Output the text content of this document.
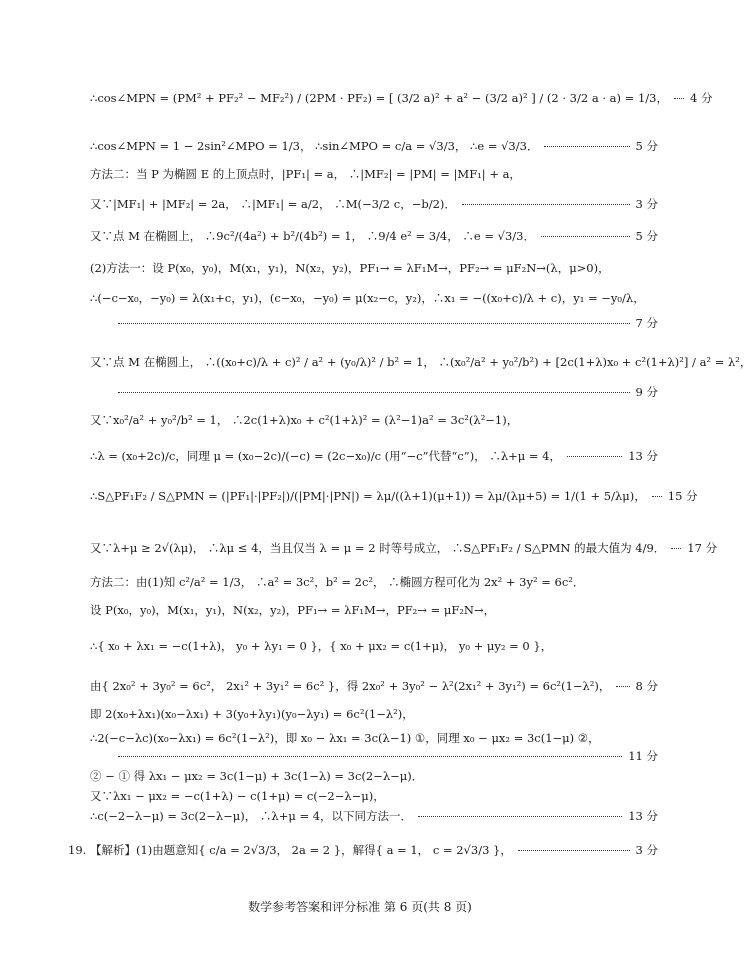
∴cos∠MPN = (PM² + PF₂² − MF₂²) / (2PM · PF₂) = [ (3/2 a)² + a² − (3/2 a)² ] / (2 · 3/2 a · a) = 1/3， 4 分
∴cos∠MPN = 1 − 2sin²∠MPO = 1/3， ∴sin∠MPO = c/a = √3/3， ∴e = √3/3．	5 分
方法二：当 P 为椭圆 E 的上顶点时，|PF₁| = a， ∴|MF₂| = |PM| = |MF₁| + a，
又∵|MF₁| + |MF₂| = 2a， ∴|MF₁| = a/2， ∴M(−3/2 c，−b/2)．	3 分
又∵点 M 在椭圆上， ∴9c²/(4a²) + b²/(4b²) = 1， ∴9/4 e² = 3/4， ∴e = √3/3．	5 分
(2)方法一：设 P(x₀，y₀)，M(x₁，y₁)，N(x₂，y₂)，PF₁→ = λF₁M→，PF₂→ = μF₂N→(λ，μ>0)，
∴(−c−x₀，−y₀) = λ(x₁+c，y₁)，(c−x₀，−y₀) = μ(x₂−c，y₂)，∴x₁ = −((x₀+c)/λ + c)，y₁ = −y₀/λ，
7 分
又∵点 M 在椭圆上， ∴((x₀+c)/λ + c)² / a² + (y₀/λ)² / b² = 1， ∴(x₀²/a² + y₀²/b²) + [2c(1+λ)x₀ + c²(1+λ)²] / a² = λ²，
9 分
又∵x₀²/a² + y₀²/b² = 1， ∴2c(1+λ)x₀ + c²(1+λ)² = (λ²−1)a² = 3c²(λ²−1)，
∴λ = (x₀+2c)/c，同理 μ = (x₀−2c)/(−c) = (2c−x₀)/c (用“−c”代替“c”)， ∴λ+μ = 4，	13 分
∴S△PF₁F₂ / S△PMN = (|PF₁|·|PF₂|)/(|PM|·|PN|) = λμ/((λ+1)(μ+1)) = λμ/(λμ+5) = 1/(1 + 5/λμ)， 15 分
又∵λ+μ ≥ 2√(λμ)， ∴λμ ≤ 4，当且仅当 λ = μ = 2 时等号成立， ∴S△PF₁F₂ / S△PMN 的最大值为 4/9． 17 分
方法二：由(1)知 c²/a² = 1/3， ∴a² = 3c²，b² = 2c²， ∴椭圆方程可化为 2x² + 3y² = 6c²．
设 P(x₀，y₀)，M(x₁，y₁)，N(x₂，y₂)，PF₁→ = λF₁M→，PF₂→ = μF₂N→，
∴{ x₀ + λx₁ = −c(1+λ)， y₀ + λy₁ = 0 }，{ x₀ + μx₂ = c(1+μ)， y₀ + μy₂ = 0 }，
由{ 2x₀² + 3y₀² = 6c²， 2x₁² + 3y₁² = 6c² }，得 2x₀² + 3y₀² − λ²(2x₁² + 3y₁²) = 6c²(1−λ²)， 8 分
即 2(x₀+λx₁)(x₀−λx₁) + 3(y₀+λy₁)(y₀−λy₁) = 6c²(1−λ²)，
∴2(−c−λc)(x₀−λx₁) = 6c²(1−λ²)，即 x₀ − λx₁ = 3c(λ−1) ①，同理 x₀ − μx₂ = 3c(1−μ) ②，
11 分
② − ① 得 λx₁ − μx₂ = 3c(1−μ) + 3c(1−λ) = 3c(2−λ−μ)．
又∵λx₁ − μx₂ = −c(1+λ) − c(1+μ) = c(−2−λ−μ)，
∴c(−2−λ−μ) = 3c(2−λ−μ)， ∴λ+μ = 4，以下同方法一．	13 分
19. 【解析】(1)由题意知{ c/a = 2√3/3， 2a = 2 }，解得{ a = 1， c = 2√3/3 }，	3 分
数学参考答案和评分标准 第 6 页(共 8 页)
